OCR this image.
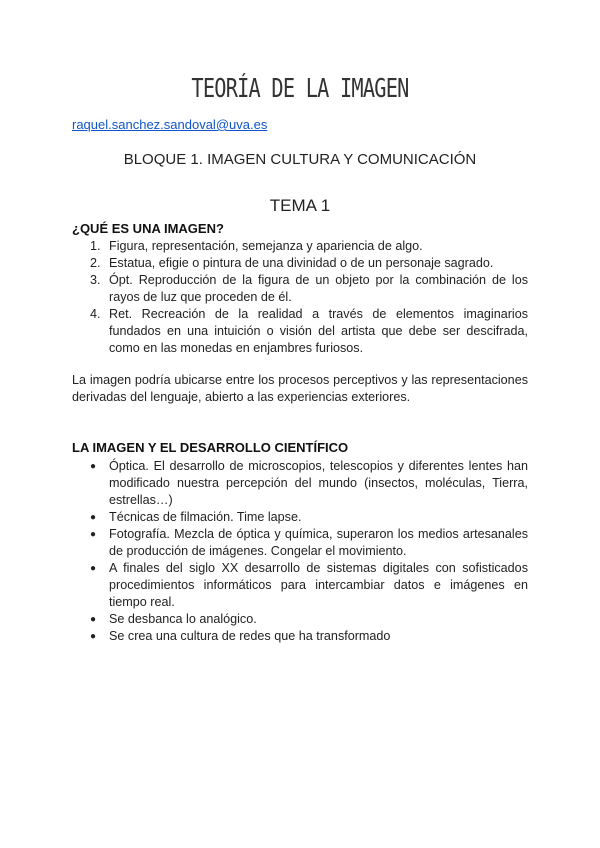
TEORÍA DE LA IMAGEN
raquel.sanchez.sandoval@uva.es
BLOQUE 1. IMAGEN CULTURA Y COMUNICACIÓN
TEMA 1
¿QUÉ ES UNA IMAGEN?
1. Figura, representación, semejanza y apariencia de algo.
2. Estatua, efigie o pintura de una divinidad o de un personaje sagrado.
3. Ópt. Reproducción de la figura de un objeto por la combinación de los rayos de luz que proceden de él.
4. Ret. Recreación de la realidad a través de elementos imaginarios fundados en una intuición o visión del artista que debe ser descifrada, como en las monedas en enjambres furiosos.

La imagen podría ubicarse entre los procesos perceptivos y las representaciones derivadas del lenguaje, abierto a las experiencias exteriores.

LA IMAGEN Y EL DESARROLLO CIENTÍFICO
● Óptica. El desarrollo de microscopios, telescopios y diferentes lentes han modificado nuestra percepción del mundo (insectos, moléculas, Tierra, estrellas…)
● Técnicas de filmación. Time lapse.
● Fotografía. Mezcla de óptica y química, superaron los medios artesanales de producción de imágenes. Congelar el movimiento.
● A finales del siglo XX desarrollo de sistemas digitales con sofisticados procedimientos informáticos para intercambiar datos e imágenes en tiempo real.
● Se desbanca lo analógico.
● Se crea una cultura de redes que ha transformado
